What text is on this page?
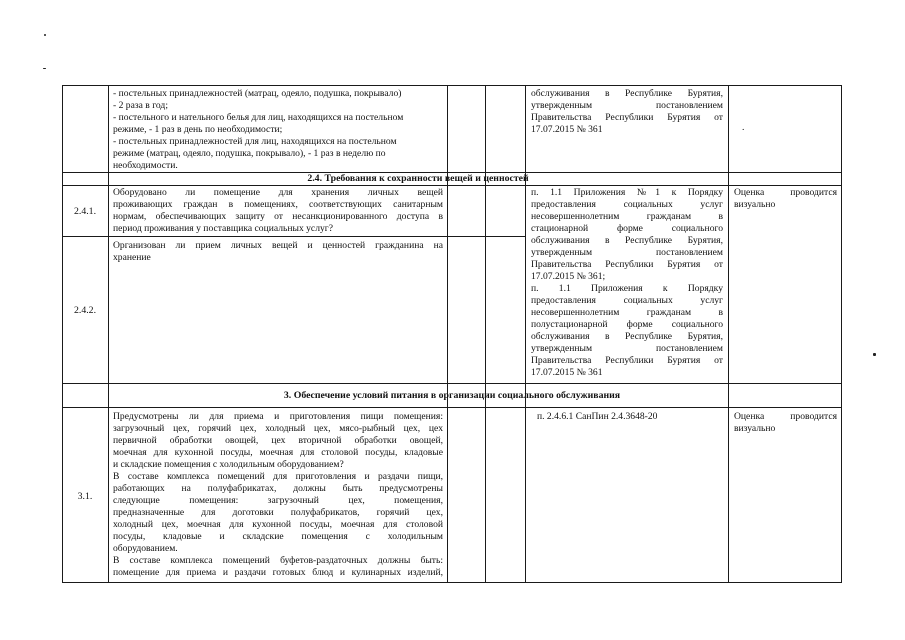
- постельных принадлежностей (матрац, одеяло, подушка, покрывало)
- 2 раза в год;
- постельного и нательного белья для лиц, находящихся на постельном
режиме, - 1 раз в день по необходимости;
- постельных принадлежностей для лиц, находящихся на постельном
режиме (матрац, одеяло, подушка, покрывало), - 1 раз в неделю по
необходимости.
обслуживания в Республике Бурятия,
утвержденным постановлением
Правительства Республики Бурятия от
17.07.2015 № 361	.
2.4. Требования к сохранности вещей и ценностей
2.4.1.
Оборудовано ли помещение для хранения личных вещей
проживающих граждан в помещениях, соответствующих санитарным
нормам, обеспечивающих защиту от несанкционированного доступа в
период проживания у поставщика социальных услуг?
2.4.2.
Организован ли прием личных вещей и ценностей гражданина на
хранение
п. 1.1 Приложения №1 к Порядку
предоставления социальных услуг
несовершеннолетним гражданам в
стационарной форме социального
обслуживания в Республике Бурятия,
утвержденным постановлением
Правительства Республики Бурятия от
17.07.2015 № 361;
п. 1.1 Приложения к Порядку
предоставления социальных услуг
несовершеннолетним гражданам в
полустационарной форме социального
обслуживания в Республике Бурятия,
утвержденным постановлением
Правительства Республики Бурятия от
17.07.2015 № 361
Оценка проводится
визуально
3. Обеспечение условий питания в организации социального обслуживания
3.1.
Предусмотрены ли для приема и приготовления пищи помещения:
загрузочный цех, горячий цех, холодный цех, мясо-рыбный цех, цех
первичной обработки овощей, цех вторичной обработки овощей,
моечная для кухонной посуды, моечная для столовой посуды, кладовые
и складские помещения с холодильным оборудованием?
В составе комплекса помещений для приготовления и раздачи пищи,
работающих на полуфабрикатах, должны быть предусмотрены
следующие помещения: загрузочный цех, помещения,
предназначенные для доготовки полуфабрикатов, горячий цех,
холодный цех, моечная для кухонной посуды, моечная для столовой
посуды, кладовые и складские помещения с холодильным
оборудованием.
В составе комплекса помещений буфетов-раздаточных должны быть:
помещение для приема и раздачи готовых блюд и кулинарных изделий,
п. 2.4.6.1 СанПин 2.4.3648-20	Оценка проводится
визуально
